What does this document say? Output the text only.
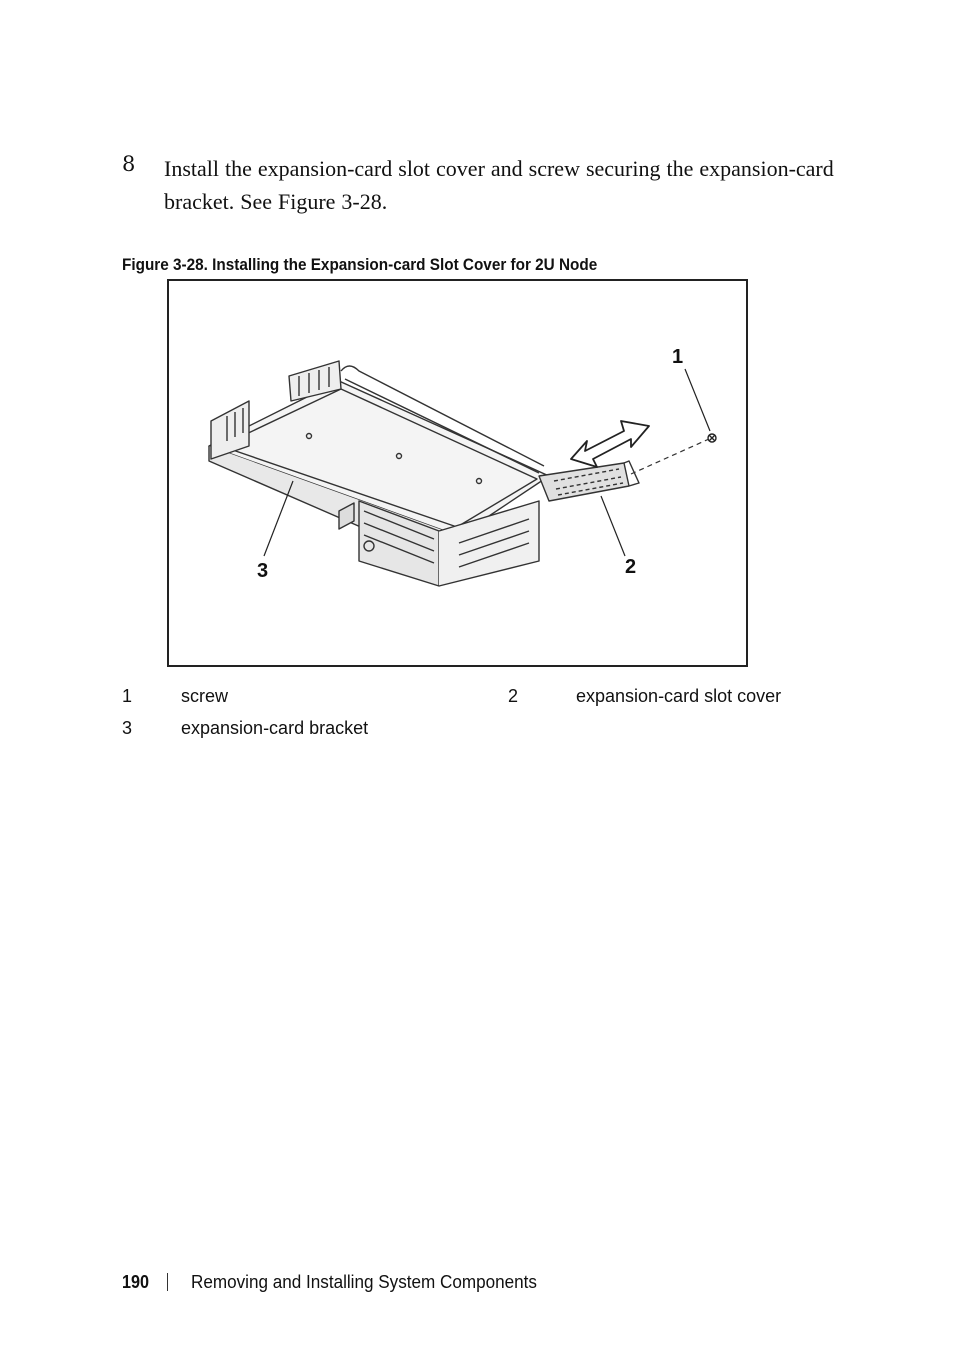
8 Install the expansion-card slot cover and screw securing the expansion-card bracket. See Figure 3-28.
Figure 3-28. Installing the Expansion-card Slot Cover for 2U Node
1
2
3
1	screw	2	expansion-card slot cover
3	expansion-card bracket
190 Removing and Installing System Components
